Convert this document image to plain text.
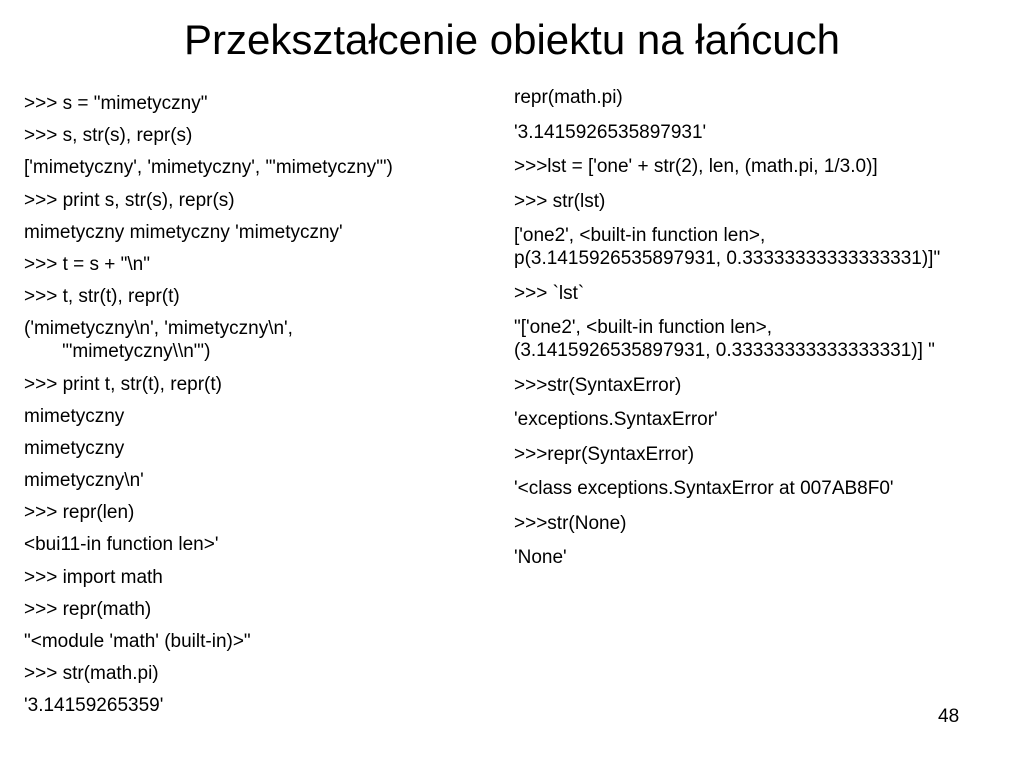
Przekształcenie obiektu na łańcuch
>>> s = "mimetyczny"
>>> s, str(s), repr(s)
['mimetyczny', 'mimetyczny', "'mimetyczny'")
>>> print s, str(s), repr(s)
mimetyczny mimetyczny 'mimetyczny'
>>> t = s + "\n"
>>> t, str(t), repr(t)
('mimetyczny\n', 'mimetyczny\n',
'"mimetyczny\\n"')
>>> print t, str(t), repr(t)
mimetyczny
mimetyczny
mimetyczny\n'
>>> repr(len)
<bui11-in function len>'
>>> import math
>>> repr(math)
"<module 'math' (built-in)>"
>>> str(math.pi)
'3.14159265359'
repr(math.pi)
'3.1415926535897931'
>>>lst = ['one' + str(2), len, (math.pi, 1/3.0)]
>>> str(lst)
['one2', <built-in function len>,
p(3.1415926535897931, 0.33333333333333331)]"
>>> `lst`
"['one2', <built-in function len>,
(3.1415926535897931, 0.33333333333333331)] "
>>>str(SyntaxError)
'exceptions.SyntaxError'
>>>repr(SyntaxError)
'<class exceptions.SyntaxError at 007AB8F0'
>>>str(None)
'None'
48
